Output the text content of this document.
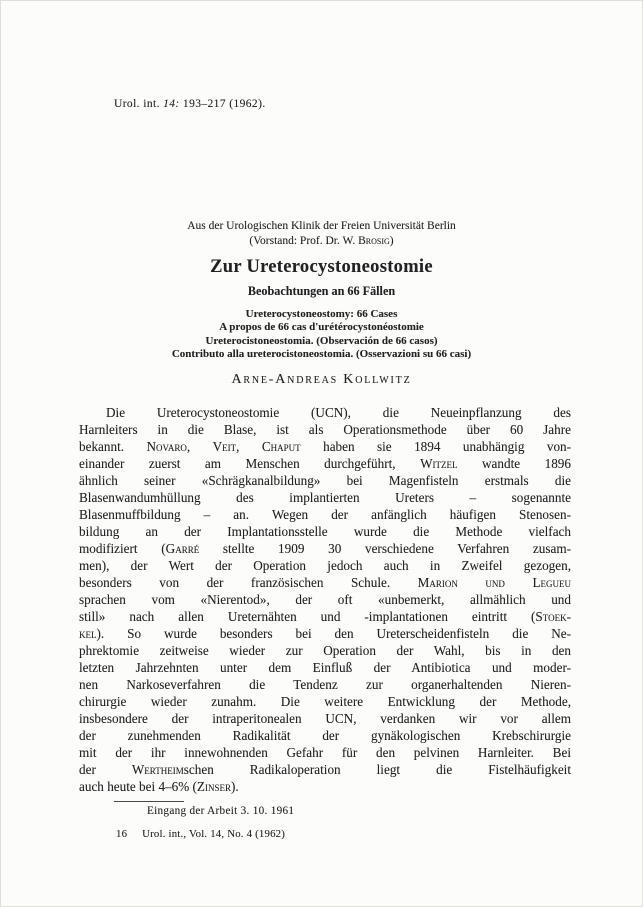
Urol. int. 14: 193–217 (1962).
Aus der Urologischen Klinik der Freien Universität Berlin
(Vorstand: Prof. Dr. W. Brosig)
Zur Ureterocystoneostomie
Beobachtungen an 66 Fällen
Ureterocystoneostomy: 66 Cases
A propos de 66 cas d'urétérocystonéostomie
Ureterocistoneostomia. (Observación de 66 casos)
Contributo alla ureterocistoneostomia. (Osservazioni su 66 casi)
Arne-Andreas Kollwitz
Die Ureterocystoneostomie (UCN), die Neueinpflanzung des
Harnleiters in die Blase, ist als Operationsmethode über 60 Jahre
bekannt. Novaro, Veit, Chaput haben sie 1894 unabhängig von-
einander zuerst am Menschen durchgeführt, Witzel wandte 1896
ähnlich seiner «Schrägkanalbildung» bei Magenfisteln erstmals die
Blasenwandumhüllung des implantierten Ureters – sogenannte
Blasenmuffbildung – an. Wegen der anfänglich häufigen Stenosen-
bildung an der Implantationsstelle wurde die Methode vielfach
modifiziert (Garré stellte 1909 30 verschiedene Verfahren zusam-
men), der Wert der Operation jedoch auch in Zweifel gezogen,
besonders von der französischen Schule. Marion und Legueu
sprachen vom «Nierentod», der oft «unbemerkt, allmählich und
still» nach allen Ureternähten und -implantationen eintritt (Stoek-
kel). So wurde besonders bei den Ureterscheidenfisteln die Ne-
phrektomie zeitweise wieder zur Operation der Wahl, bis in den
letzten Jahrzehnten unter dem Einfluß der Antibiotica und moder-
nen Narkoseverfahren die Tendenz zur organerhaltenden Nieren-
chirurgie wieder zunahm. Die weitere Entwicklung der Methode,
insbesondere der intraperitonealen UCN, verdanken wir vor allem
der zunehmenden Radikalität der gynäkologischen Krebschirurgie
mit der ihr innewohnenden Gefahr für den pelvinen Harnleiter. Bei
der Wertheimschen Radikaloperation liegt die Fistelhäufigkeit
auch heute bei 4–6% (Zinser).
Eingang der Arbeit 3. 10. 1961
16 Urol. int., Vol. 14, No. 4 (1962)
